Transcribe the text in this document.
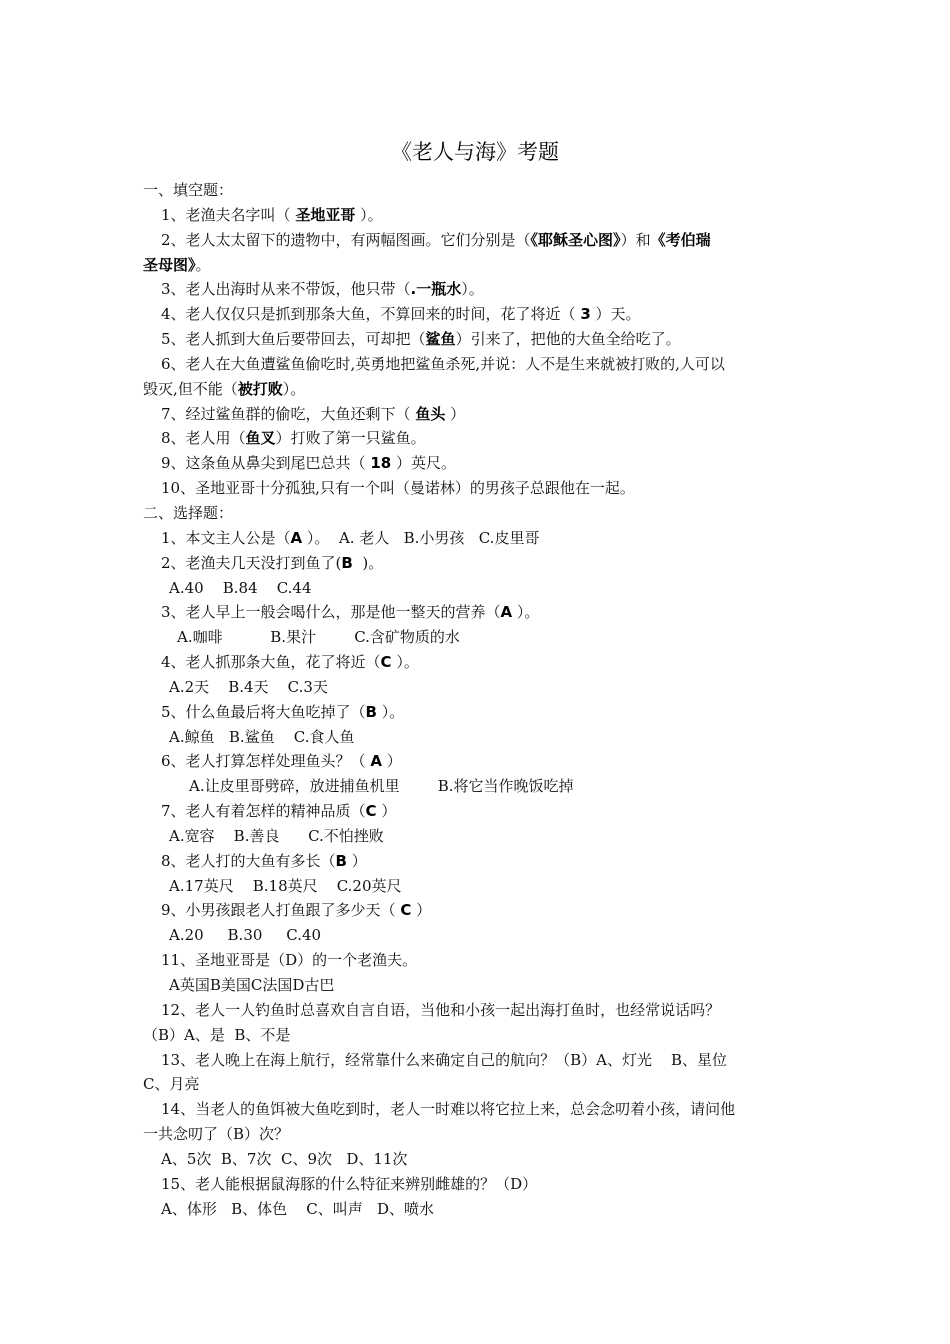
《老人与海》考题
一、填空题：
1、老渔夫名字叫（ 圣地亚哥 ）。
2、老人太太留下的遗物中，有两幅图画。它们分别是（《耶稣圣心图》）和《考伯瑞
圣母图》。
3、老人出海时从来不带饭，他只带（.一瓶水）。
4、老人仅仅只是抓到那条大鱼，不算回来的时间，花了将近（ 3 ）天。
5、老人抓到大鱼后要带回去，可却把（鲨鱼）引来了，把他的大鱼全给吃了。
6、老人在大鱼遭鲨鱼偷吃时,英勇地把鲨鱼杀死,并说：人不是生来就被打败的,人可以
毁灭,但不能（被打败）。
7、经过鲨鱼群的偷吃，大鱼还剩下（ 鱼头 ）
8、老人用（鱼叉）打败了第一只鲨鱼。
9、这条鱼从鼻尖到尾巴总共（ 18 ）英尺。
10、圣地亚哥十分孤独,只有一个叫（曼诺林）的男孩子总跟他在一起。
二、选择题：
1、本文主人公是（A ）。  A. 老人   B.小男孩   C.皮里哥
2、老渔夫几天没打到鱼了(B  )。
A.40    B.84    C.44
3、老人早上一般会喝什么，那是他一整天的营养（A ）。
A.咖啡          B.果汁        C.含矿物质的水
4、老人抓那条大鱼，花了将近（C ）。
A.2天    B.4天    C.3天
5、什么鱼最后将大鱼吃掉了（B ）。
A.鲸鱼   B.鲨鱼    C.食人鱼
6、老人打算怎样处理鱼头？（ A ）
A.让皮里哥劈碎，放进捕鱼机里        B.将它当作晚饭吃掉
7、老人有着怎样的精神品质（C ）
A.宽容    B.善良      C.不怕挫败
8、老人打的大鱼有多长（B ）
A.17英尺    B.18英尺    C.20英尺
9、小男孩跟老人打鱼跟了多少天（ C ）
A.20     B.30     C.40
11、圣地亚哥是（D）的一个老渔夫。
A英国B美国C法国D古巴
12、老人一人钓鱼时总喜欢自言自语，当他和小孩一起出海打鱼时，也经常说话吗？
（B）A、是  B、不是
13、老人晚上在海上航行，经常靠什么来确定自己的航向？（B）A、灯光    B、星位
C、月亮
14、当老人的鱼饵被大鱼吃到时，老人一时难以将它拉上来，总会念叨着小孩，请问他
一共念叨了（B）次？
A、5次  B、7次  C、9次   D、11次
15、老人能根据鼠海豚的什么特征来辨别雌雄的？（D）
A、体形   B、体色    C、叫声   D、喷水
